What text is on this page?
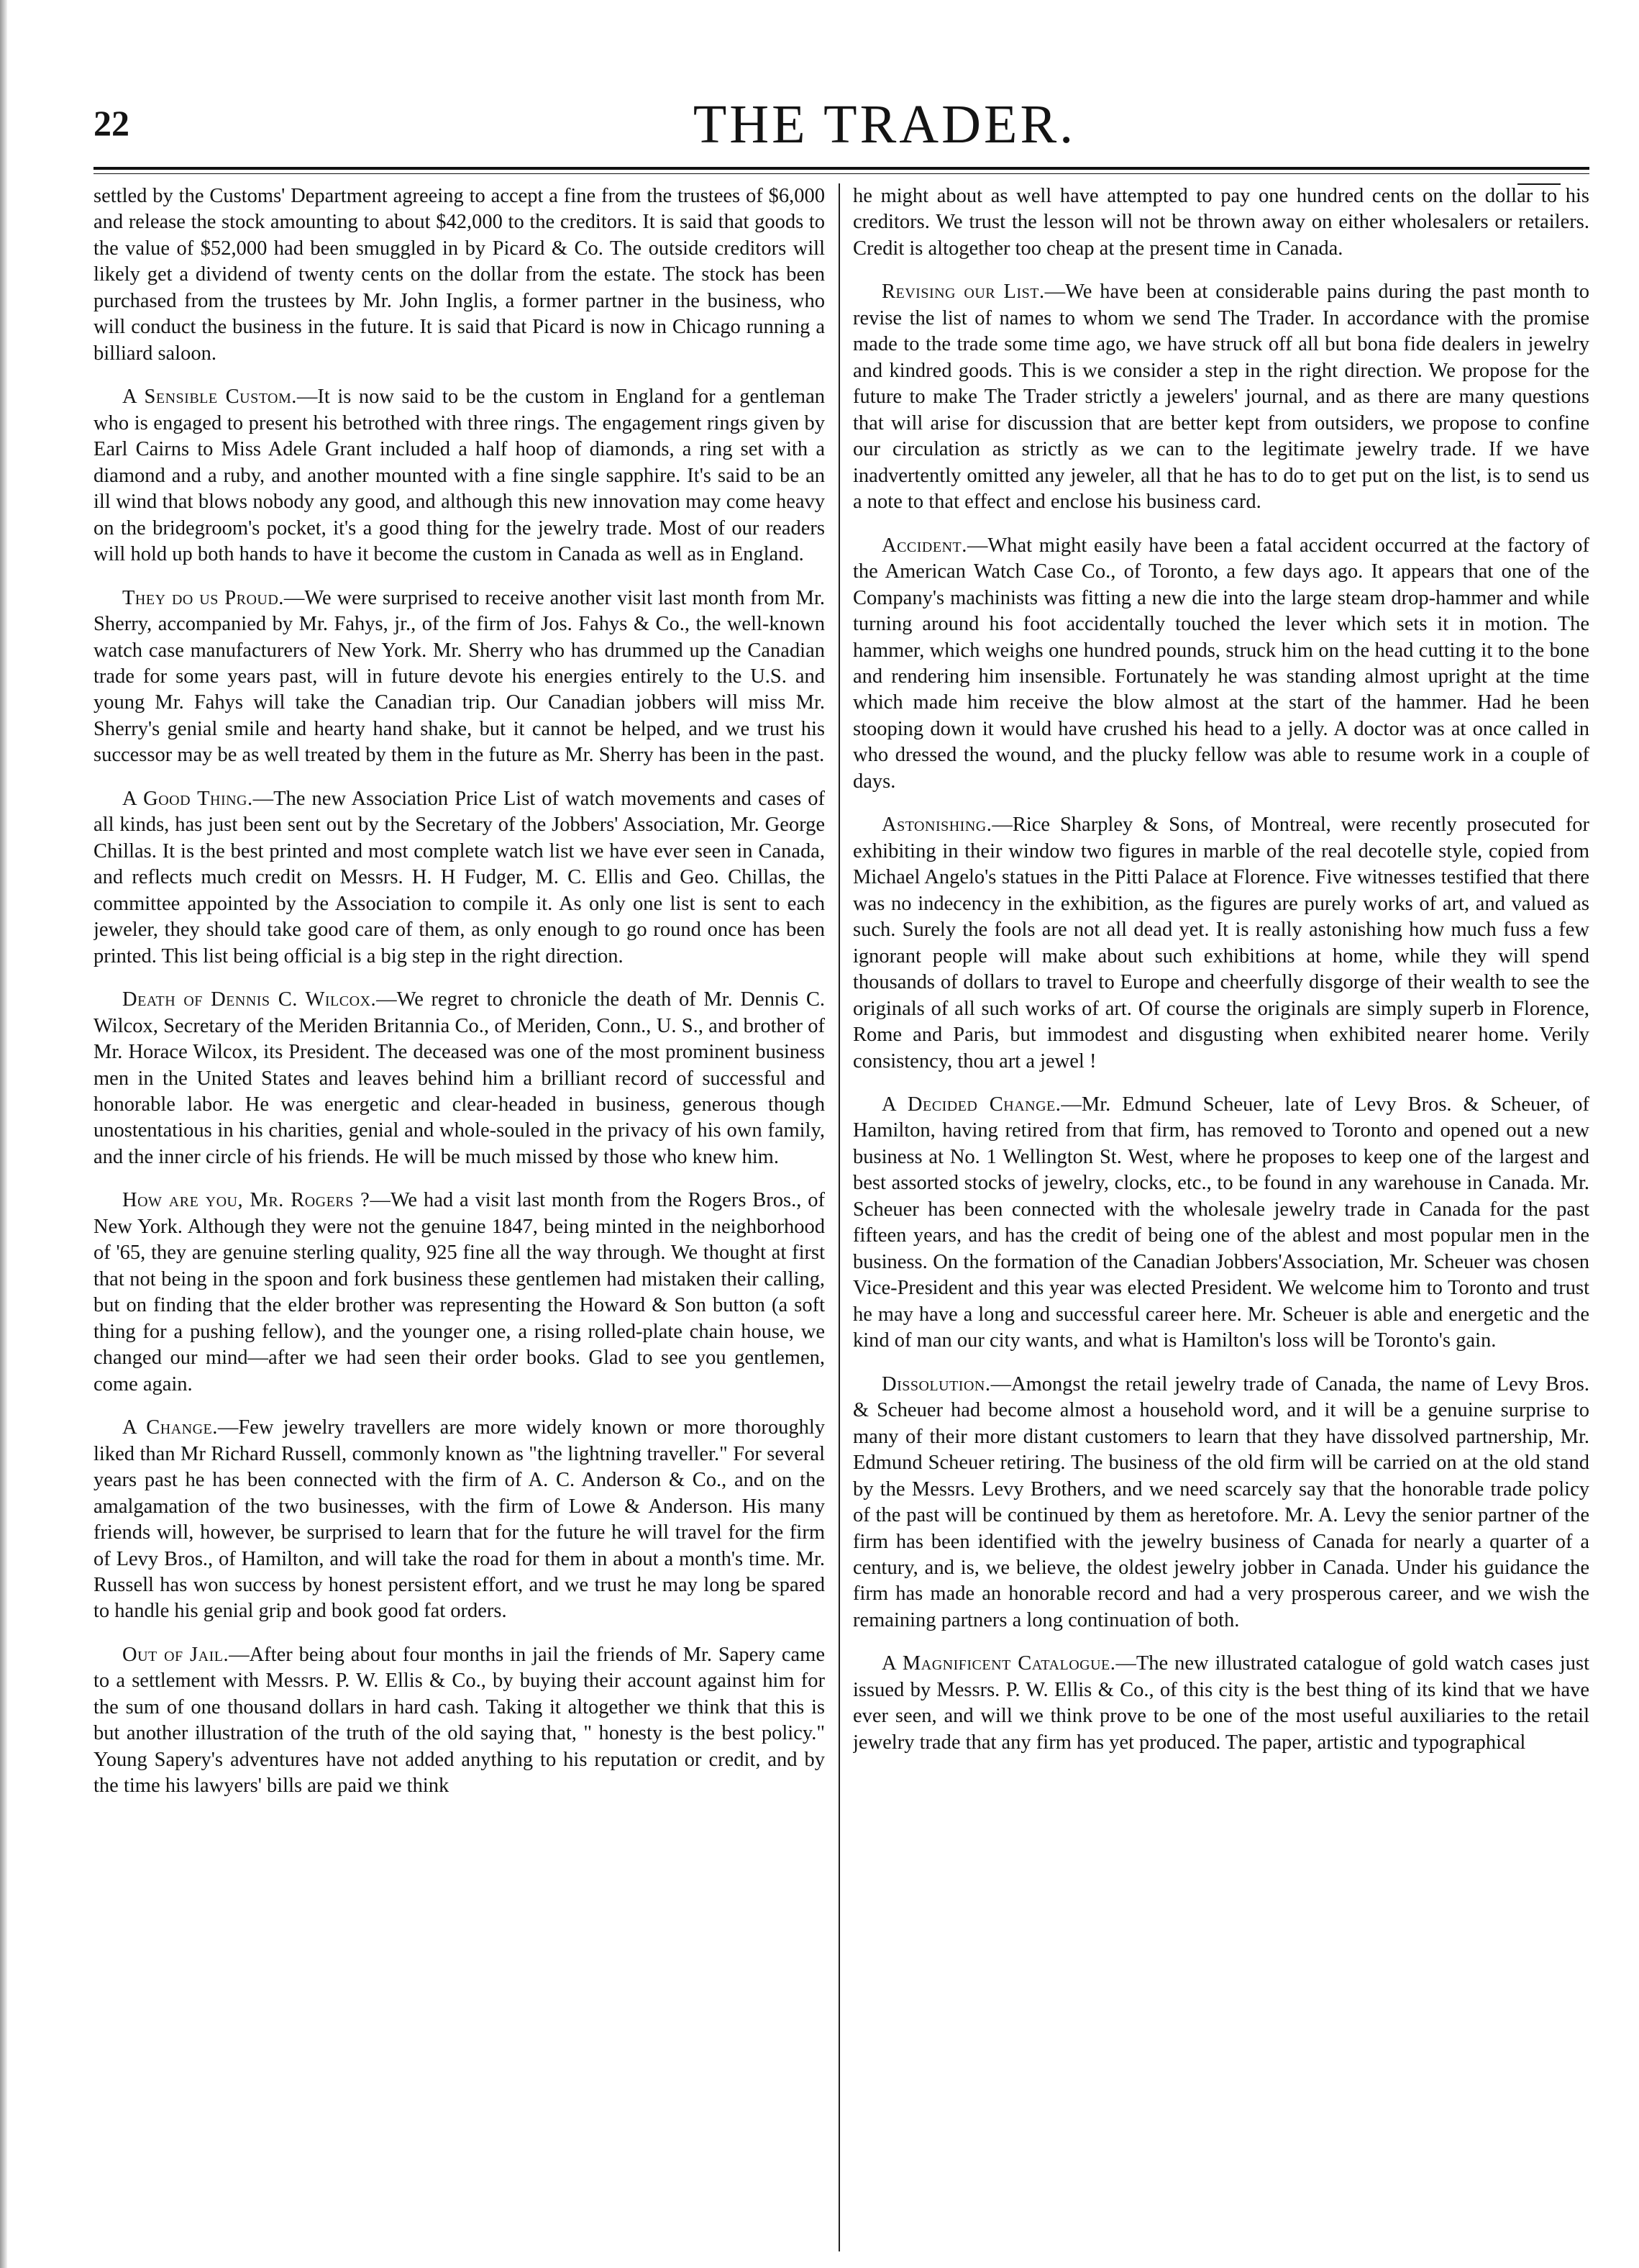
22	THE TRADER.

settled by the Customs' Department agreeing to accept a fine from the trustees of $6,000 and release the stock amounting to about $42,000 to the creditors. It is said that goods to the value of $52,000 had been smuggled in by Picard & Co. The outside creditors will likely get a dividend of twenty cents on the dollar from the estate. The stock has been purchased from the trustees by Mr. John Inglis, a former partner in the business, who will conduct the business in the future. It is said that Picard is now in Chicago running a billiard saloon.

A Sensible Custom.—It is now said to be the custom in England for a gentleman who is engaged to present his betrothed with three rings. The engagement rings given by Earl Cairns to Miss Adele Grant included a half hoop of diamonds, a ring set with a diamond and a ruby, and another mounted with a fine single sapphire. It's said to be an ill wind that blows nobody any good, and although this new innovation may come heavy on the bridegroom's pocket, it's a good thing for the jewelry trade. Most of our readers will hold up both hands to have it become the custom in Canada as well as in England.

They do us Proud.—We were surprised to receive another visit last month from Mr. Sherry, accompanied by Mr. Fahys, jr., of the firm of Jos. Fahys & Co., the well-known watch case manufacturers of New York. Mr. Sherry who has drummed up the Canadian trade for some years past, will in future devote his energies entirely to the U.S. and young Mr. Fahys will take the Canadian trip. Our Canadian jobbers will miss Mr. Sherry's genial smile and hearty hand shake, but it cannot be helped, and we trust his successor may be as well treated by them in the future as Mr. Sherry has been in the past.

A Good Thing.—The new Association Price List of watch movements and cases of all kinds, has just been sent out by the Secretary of the Jobbers' Association, Mr. George Chillas. It is the best printed and most complete watch list we have ever seen in Canada, and reflects much credit on Messrs. H. H Fudger, M. C. Ellis and Geo. Chillas, the committee appointed by the Association to compile it. As only one list is sent to each jeweler, they should take good care of them, as only enough to go round once has been printed. This list being official is a big step in the right direction.

Death of Dennis C. Wilcox.—We regret to chronicle the death of Mr. Dennis C. Wilcox, Secretary of the Meriden Britannia Co., of Meriden, Conn., U. S., and brother of Mr. Horace Wilcox, its President. The deceased was one of the most prominent business men in the United States and leaves behind him a brilliant record of successful and honorable labor. He was energetic and clear-headed in business, generous though unostentatious in his charities, genial and whole-souled in the privacy of his own family, and the inner circle of his friends. He will be much missed by those who knew him.

How are you, Mr. Rogers ?—We had a visit last month from the Rogers Bros., of New York. Although they were not the genuine 1847, being minted in the neighborhood of '65, they are genuine sterling quality, 925 fine all the way through. We thought at first that not being in the spoon and fork business these gentlemen had mistaken their calling, but on finding that the elder brother was representing the Howard & Son button (a soft thing for a pushing fellow), and the younger one, a rising rolled-plate chain house, we changed our mind—after we had seen their order books. Glad to see you gentlemen, come again.

A Change.—Few jewelry travellers are more widely known or more thoroughly liked than Mr Richard Russell, commonly known as "the lightning traveller." For several years past he has been connected with the firm of A. C. Anderson & Co., and on the amalgamation of the two businesses, with the firm of Lowe & Anderson. His many friends will, however, be surprised to learn that for the future he will travel for the firm of Levy Bros., of Hamilton, and will take the road for them in about a month's time. Mr. Russell has won success by honest persistent effort, and we trust he may long be spared to handle his genial grip and book good fat orders.

Out of Jail.—After being about four months in jail the friends of Mr. Sapery came to a settlement with Messrs. P. W. Ellis & Co., by buying their account against him for the sum of one thousand dollars in hard cash. Taking it altogether we think that this is but another illustration of the truth of the old saying that, " honesty is the best policy." Young Sapery's adventures have not added anything to his reputation or credit, and by the time his lawyers' bills are paid we think

he might about as well have attempted to pay one hundred cents on the dollar to his creditors. We trust the lesson will not be thrown away on either wholesalers or retailers. Credit is altogether too cheap at the present time in Canada.

Revising our List.—We have been at considerable pains during the past month to revise the list of names to whom we send The Trader. In accordance with the promise made to the trade some time ago, we have struck off all but bona fide dealers in jewelry and kindred goods. This is we consider a step in the right direction. We propose for the future to make The Trader strictly a jewelers' journal, and as there are many questions that will arise for discussion that are better kept from outsiders, we propose to confine our circulation as strictly as we can to the legitimate jewelry trade. If we have inadvertently omitted any jeweler, all that he has to do to get put on the list, is to send us a note to that effect and enclose his business card.

Accident.—What might easily have been a fatal accident occurred at the factory of the American Watch Case Co., of Toronto, a few days ago. It appears that one of the Company's machinists was fitting a new die into the large steam drop-hammer and while turning around his foot accidentally touched the lever which sets it in motion. The hammer, which weighs one hundred pounds, struck him on the head cutting it to the bone and rendering him insensible. Fortunately he was standing almost upright at the time which made him receive the blow almost at the start of the hammer. Had he been stooping down it would have crushed his head to a jelly. A doctor was at once called in who dressed the wound, and the plucky fellow was able to resume work in a couple of days.

Astonishing.—Rice Sharpley & Sons, of Montreal, were recently prosecuted for exhibiting in their window two figures in marble of the real decotelle style, copied from Michael Angelo's statues in the Pitti Palace at Florence. Five witnesses testified that there was no indecency in the exhibition, as the figures are purely works of art, and valued as such. Surely the fools are not all dead yet. It is really astonishing how much fuss a few ignorant people will make about such exhibitions at home, while they will spend thousands of dollars to travel to Europe and cheerfully disgorge of their wealth to see the originals of all such works of art. Of course the originals are simply superb in Florence, Rome and Paris, but immodest and disgusting when exhibited nearer home. Verily consistency, thou art a jewel !

A Decided Change.—Mr. Edmund Scheuer, late of Levy Bros. & Scheuer, of Hamilton, having retired from that firm, has removed to Toronto and opened out a new business at No. 1 Wellington St. West, where he proposes to keep one of the largest and best assorted stocks of jewelry, clocks, etc., to be found in any warehouse in Canada. Mr. Scheuer has been connected with the wholesale jewelry trade in Canada for the past fifteen years, and has the credit of being one of the ablest and most popular men in the business. On the formation of the Canadian Jobbers'Association, Mr. Scheuer was chosen Vice-President and this year was elected President. We welcome him to Toronto and trust he may have a long and successful career here. Mr. Scheuer is able and energetic and the kind of man our city wants, and what is Hamilton's loss will be Toronto's gain.

Dissolution.—Amongst the retail jewelry trade of Canada, the name of Levy Bros. & Scheuer had become almost a household word, and it will be a genuine surprise to many of their more distant customers to learn that they have dissolved partnership, Mr. Edmund Scheuer retiring. The business of the old firm will be carried on at the old stand by the Messrs. Levy Brothers, and we need scarcely say that the honorable trade policy of the past will be continued by them as heretofore. Mr. A. Levy the senior partner of the firm has been identified with the jewelry business of Canada for nearly a quarter of a century, and is, we believe, the oldest jewelry jobber in Canada. Under his guidance the firm has made an honorable record and had a very prosperous career, and we wish the remaining partners a long continuation of both.

A Magnificent Catalogue.—The new illustrated catalogue of gold watch cases just issued by Messrs. P. W. Ellis & Co., of this city is the best thing of its kind that we have ever seen, and will we think prove to be one of the most useful auxiliaries to the retail jewelry trade that any firm has yet produced. The paper, artistic and typographical
